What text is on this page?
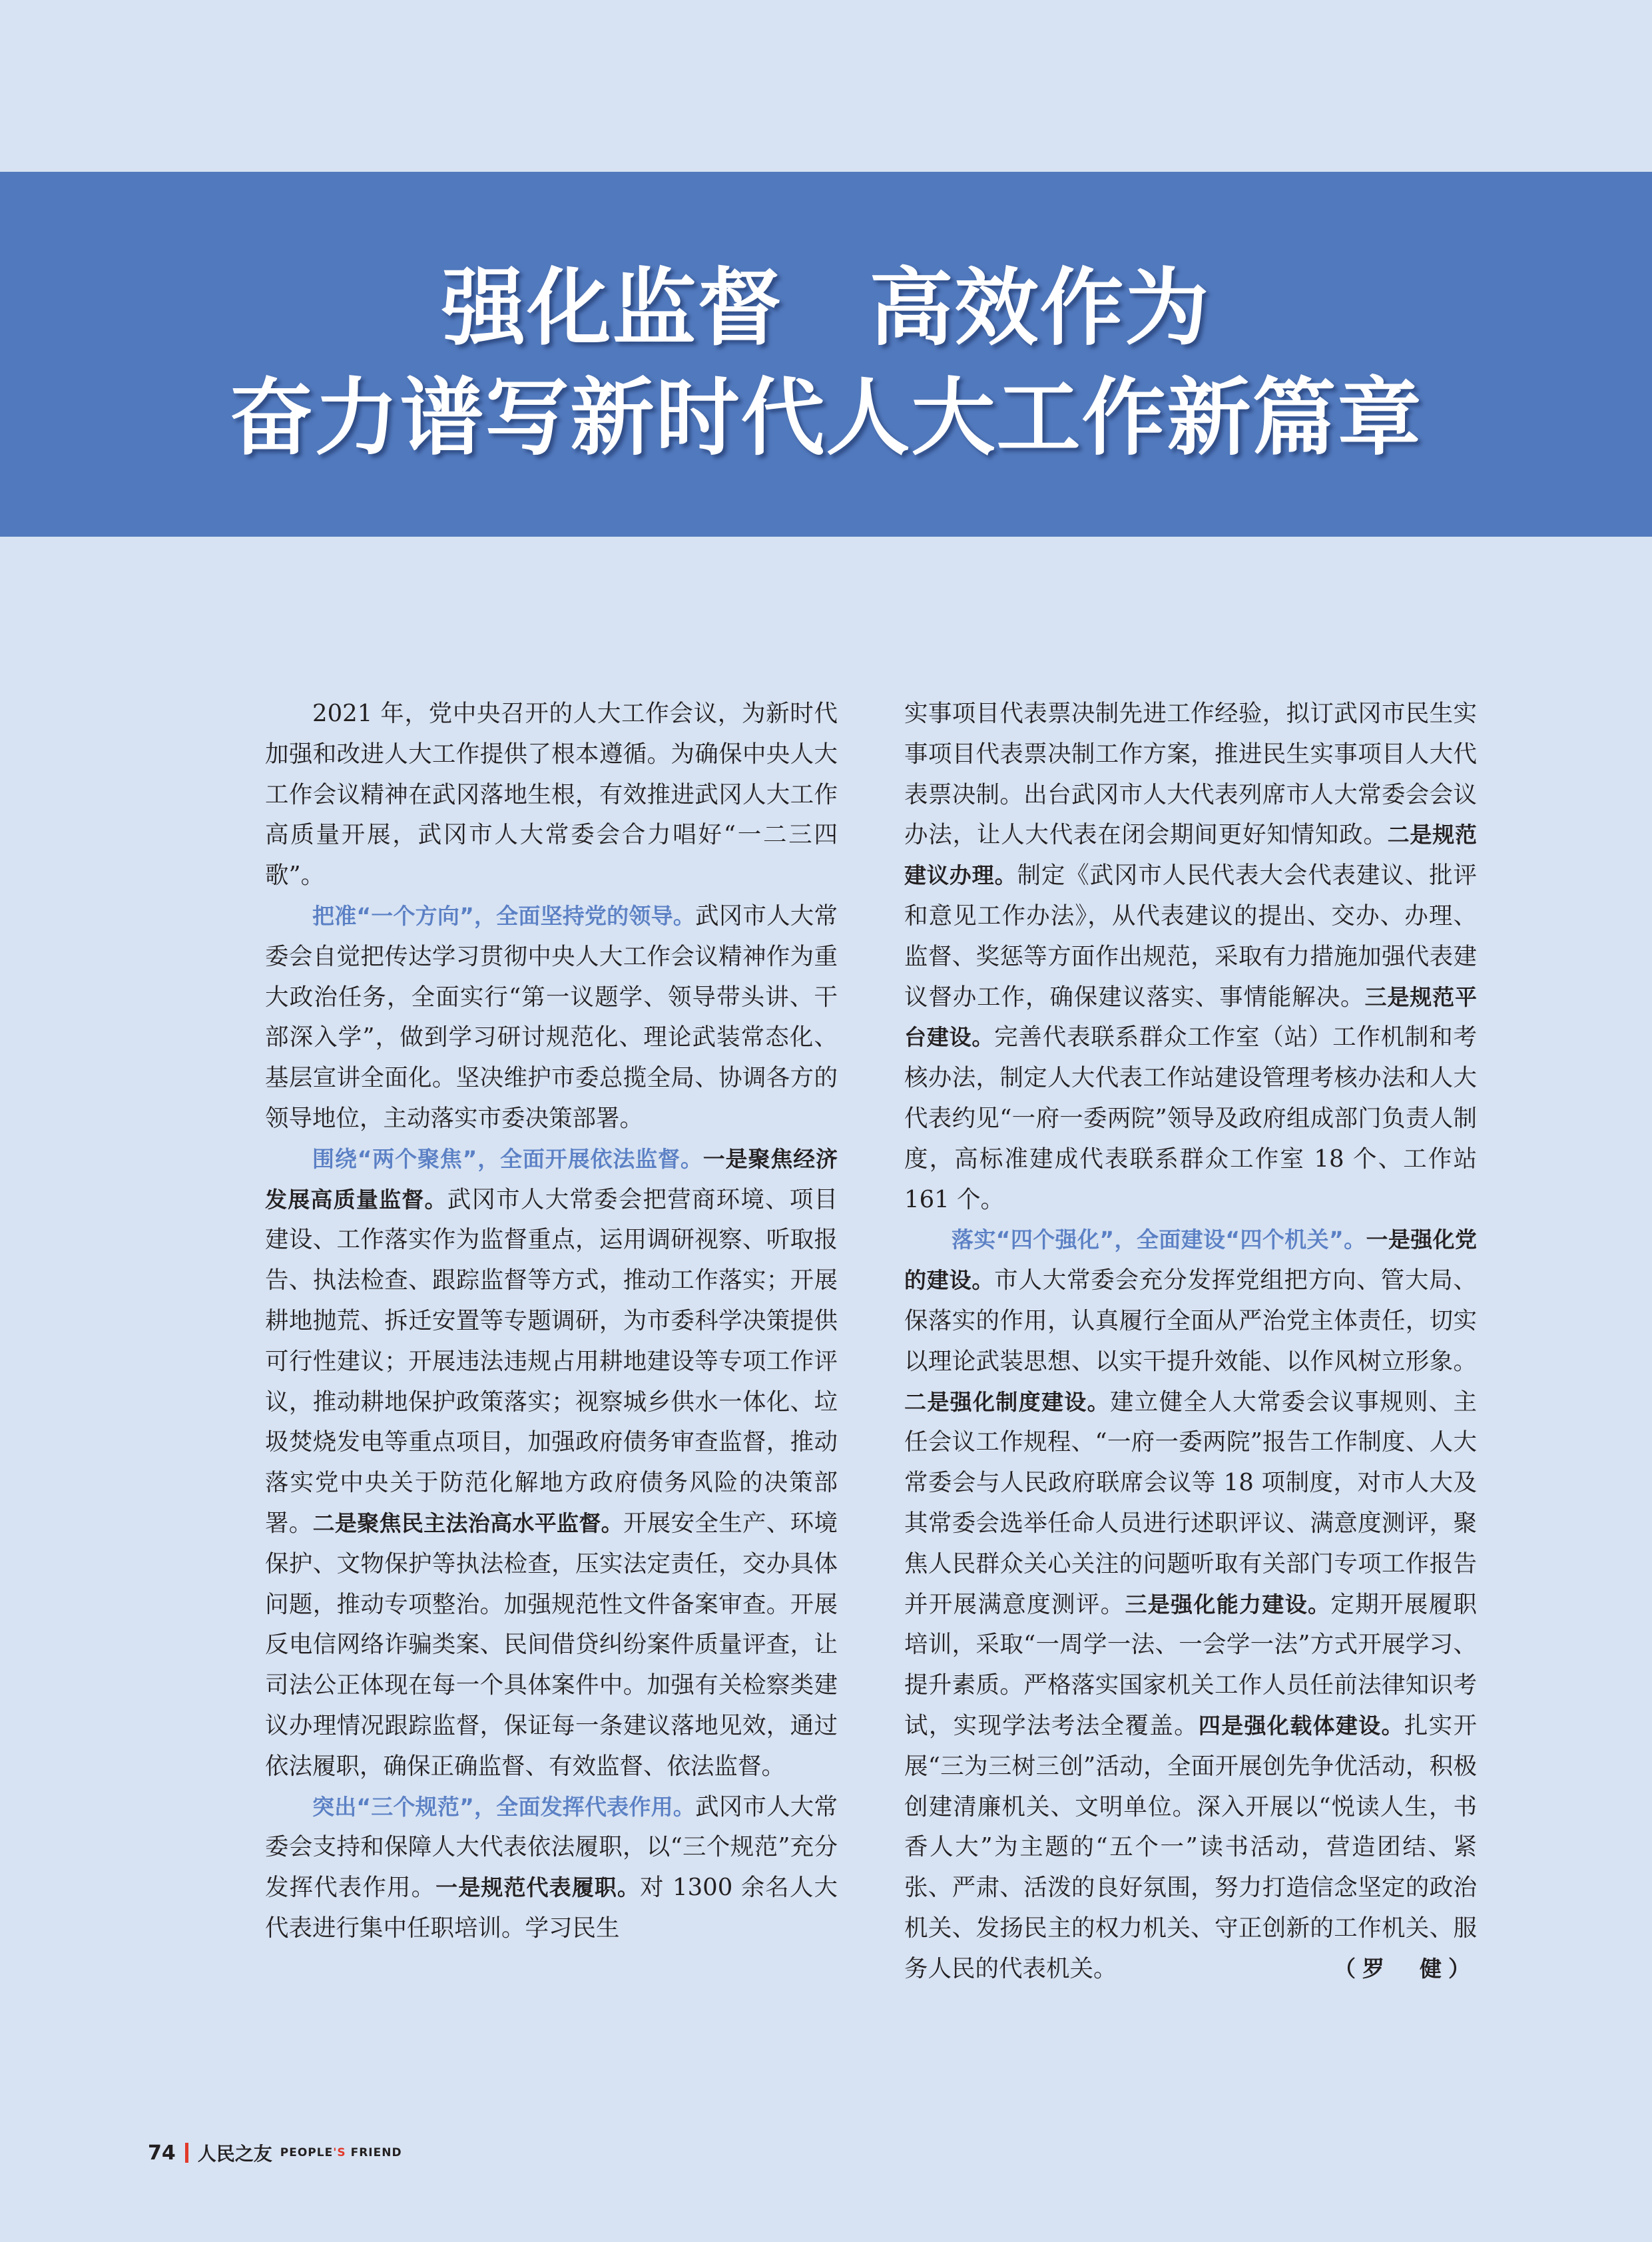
强化监督 高效作为
奋力谱写新时代人大工作新篇章

2021 年，党中央召开的人大工作会议，为新时代加强和改进人大工作提供了根本遵循。为确保中央人大工作会议精神在武冈落地生根，有效推进武冈人大工作高质量开展，武冈市人大常委会合力唱好“一二三四歌”。

把准“一个方向”，全面坚持党的领导。武冈市人大常委会自觉把传达学习贯彻中央人大工作会议精神作为重大政治任务，全面实行“第一议题学、领导带头讲、干部深入学”，做到学习研讨规范化、理论武装常态化、基层宣讲全面化。坚决维护市委总揽全局、协调各方的领导地位，主动落实市委决策部署。

围绕“两个聚焦”，全面开展依法监督。一是聚焦经济发展高质量监督。武冈市人大常委会把营商环境、项目建设、工作落实作为监督重点，运用调研视察、听取报告、执法检查、跟踪监督等方式，推动工作落实；开展耕地抛荒、拆迁安置等专题调研，为市委科学决策提供可行性建议；开展违法违规占用耕地建设等专项工作评议，推动耕地保护政策落实；视察城乡供水一体化、垃圾焚烧发电等重点项目，加强政府债务审查监督，推动落实党中央关于防范化解地方政府债务风险的决策部署。二是聚焦民主法治高水平监督。开展安全生产、环境保护、文物保护等执法检查，压实法定责任，交办具体问题，推动专项整治。加强规范性文件备案审查。开展反电信网络诈骗类案、民间借贷纠纷案件质量评查，让司法公正体现在每一个具体案件中。加强有关检察类建议办理情况跟踪监督，保证每一条建议落地见效，通过依法履职，确保正确监督、有效监督、依法监督。

突出“三个规范”，全面发挥代表作用。武冈市人大常委会支持和保障人大代表依法履职，以“三个规范”充分发挥代表作用。一是规范代表履职。对 1300 余名人大代表进行集中任职培训。学习民生

实事项目代表票决制先进工作经验，拟订武冈市民生实事项目代表票决制工作方案，推进民生实事项目人大代表票决制。出台武冈市人大代表列席市人大常委会会议办法，让人大代表在闭会期间更好知情知政。二是规范建议办理。制定《武冈市人民代表大会代表建议、批评和意见工作办法》，从代表建议的提出、交办、办理、监督、奖惩等方面作出规范，采取有力措施加强代表建议督办工作，确保建议落实、事情能解决。三是规范平台建设。完善代表联系群众工作室（站）工作机制和考核办法，制定人大代表工作站建设管理考核办法和人大代表约见“一府一委两院”领导及政府组成部门负责人制度，高标准建成代表联系群众工作室 18 个、工作站 161 个。

落实“四个强化”，全面建设“四个机关”。一是强化党的建设。市人大常委会充分发挥党组把方向、管大局、保落实的作用，认真履行全面从严治党主体责任，切实以理论武装思想、以实干提升效能、以作风树立形象。二是强化制度建设。建立健全人大常委会议事规则、主任会议工作规程、“一府一委两院”报告工作制度、人大常委会与人民政府联席会议等 18 项制度，对市人大及其常委会选举任命人员进行述职评议、满意度测评，聚焦人民群众关心关注的问题听取有关部门专项工作报告并开展满意度测评。三是强化能力建设。定期开展履职培训，采取“一周学一法、一会学一法”方式开展学习、提升素质。严格落实国家机关工作人员任前法律知识考试，实现学法考法全覆盖。四是强化载体建设。扎实开展“三为三树三创”活动，全面开展创先争优活动，积极创建清廉机关、文明单位。深入开展以“悦读人生，书香人大”为主题的“五个一”读书活动，营造团结、紧张、严肃、活泼的良好氛围，努力打造信念坚定的政治机关、发扬民主的权力机关、守正创新的工作机关、服务人民的代表机关。	（罗　健）

74 人民之友 PEOPLE'S FRIEND
